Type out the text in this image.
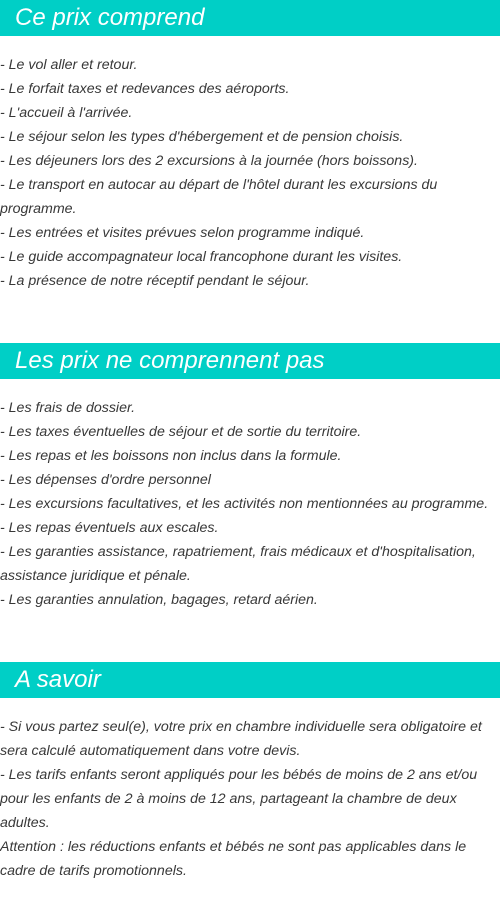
Ce prix comprend

- Le vol aller et retour.

- Le forfait taxes et redevances des aéroports.

- L'accueil à l'arrivée.

- Le séjour selon les types d'hébergement et de pension choisis.

- Les déjeuners lors des 2 excursions à la journée (hors boissons).

- Le transport en autocar au départ de l'hôtel durant les excursions du programme.

- Les entrées et visites prévues selon programme indiqué.

- Le guide accompagnateur local francophone durant les visites.

- La présence de notre réceptif pendant le séjour.

Les prix ne comprennent pas

- Les frais de dossier.

- Les taxes éventuelles de séjour et de sortie du territoire.

- Les repas et les boissons non inclus dans la formule.

- Les dépenses d'ordre personnel

- Les excursions facultatives, et les activités non mentionnées au programme.

- Les repas éventuels aux escales.

- Les garanties assistance, rapatriement, frais médicaux et d'hospitalisation, assistance juridique et pénale.

- Les garanties annulation, bagages, retard aérien.

A savoir

- Si vous partez seul(e), votre prix en chambre individuelle sera obligatoire et sera calculé automatiquement dans votre devis.

- Les tarifs enfants seront appliqués pour les bébés de moins de 2 ans et/ou pour les enfants de 2 à moins de 12 ans, partageant la chambre de deux adultes.

Attention : les réductions enfants et bébés ne sont pas applicables dans le cadre de tarifs promotionnels.
